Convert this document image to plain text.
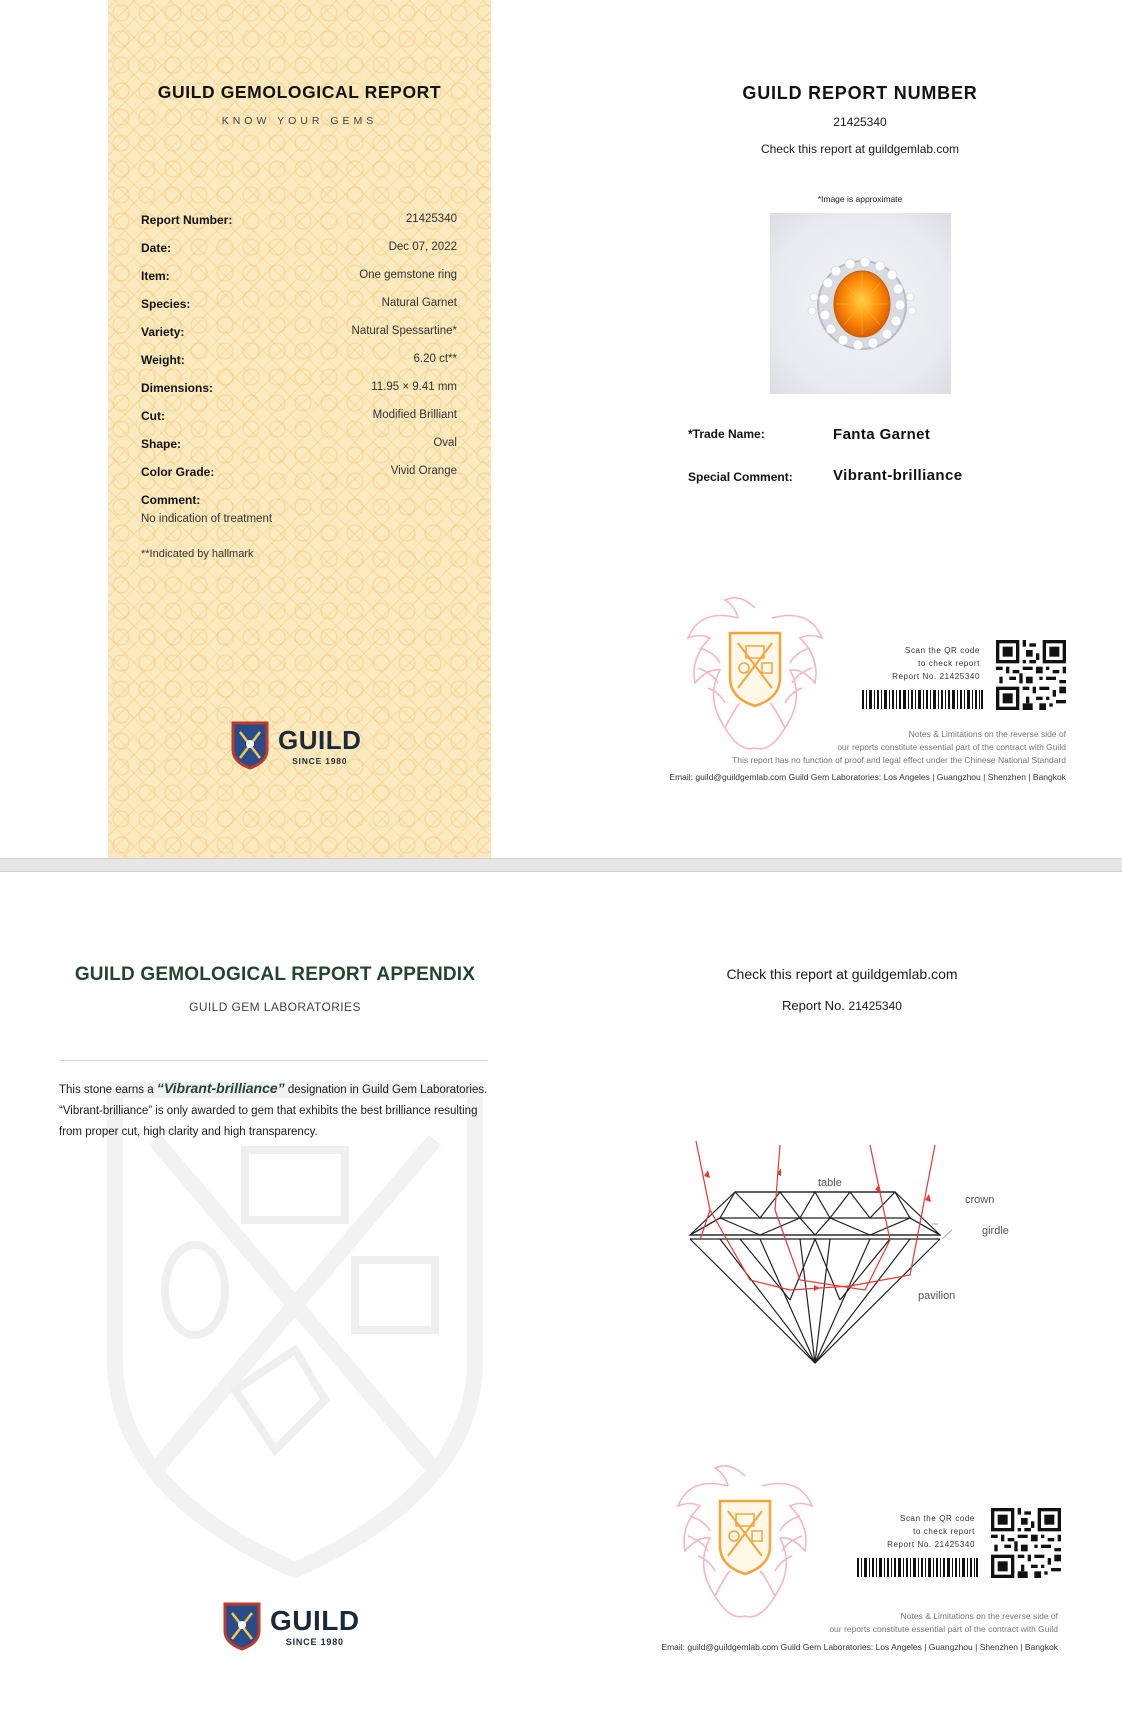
GUILD GEMOLOGICAL REPORT
KNOW YOUR GEMS
Report Number:	21425340
Date:	Dec 07, 2022
Item:	One gemstone ring
Species:	Natural Garnet
Variety:	Natural Spessartine*
Weight:	6.20 ct**
Dimensions:	11.95 × 9.41 mm
Cut:	Modified Brilliant
Shape:	Oval
Color Grade:	Vivid Orange
Comment:
No indication of treatment
**Indicated by hallmark
GUILD
SINCE 1980
GUILD REPORT NUMBER
21425340
Check this report at guildgemlab.com
*Image is approximate
*Trade Name:	Fanta Garnet
Special Comment:	Vibrant-brilliance
Scan the QR code
to check report
Report No. 21425340
Notes & Limitations on the reverse side of
our reports constitute essential part of the contract with Guild
This report has no function of proof and legal effect under the Chinese National Standard
Email: guild@guildgemlab.com Guild Gem Laboratories: Los Angeles | Guangzhou | Shenzhen | Bangkok
GUILD GEMOLOGICAL REPORT APPENDIX
GUILD GEM LABORATORIES
This stone earns a “Vibrant-brilliance” designation in Guild Gem Laboratories. “Vibrant-brilliance” is only awarded to gem that exhibits the best brilliance resulting from proper cut, high clarity and high transparency.
GUILD
SINCE 1980
Check this report at guildgemlab.com
Report No. 21425340
table
crown
girdle
pavilion
Scan the QR code
to check report
Report No. 21425340
Notes & Limitations on the reverse side of
our reports constitute essential part of the contract with Guild
Email: guild@guildgemlab.com Guild Gem Laboratories: Los Angeles | Guangzhou | Shenzhen | Bangkok
